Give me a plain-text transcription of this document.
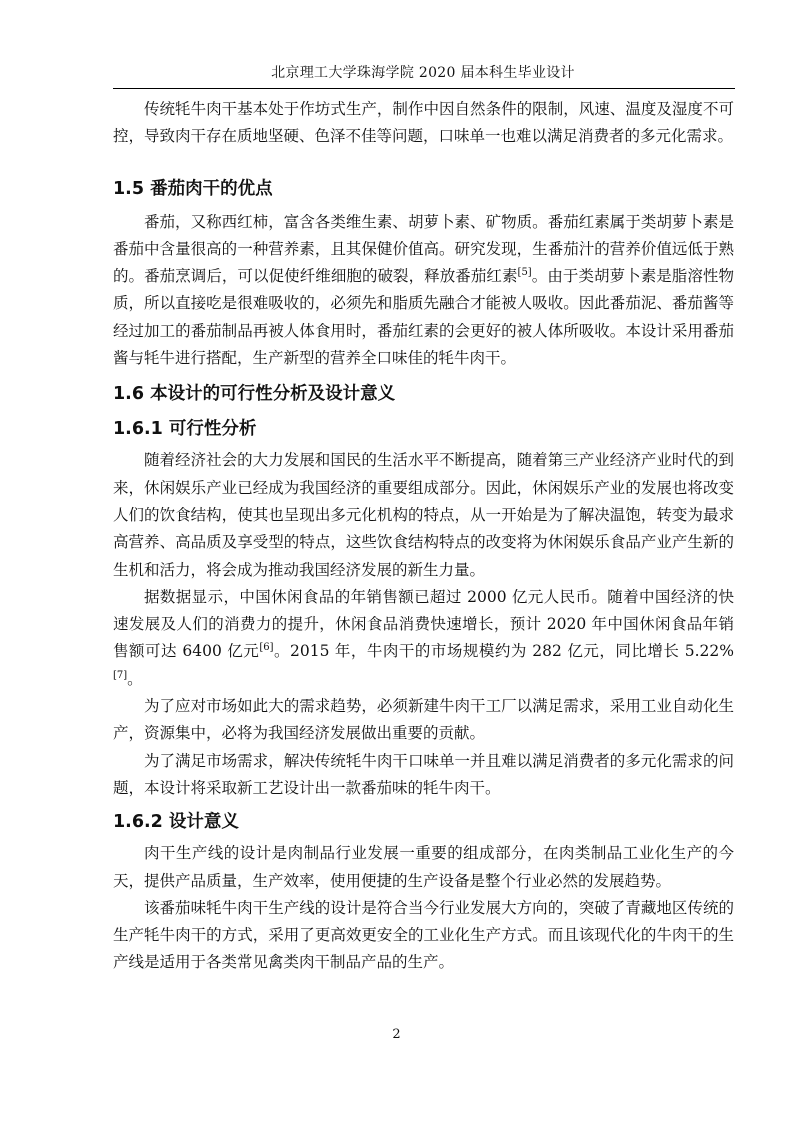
北京理工大学珠海学院 2020 届本科生毕业设计

传统牦牛肉干基本处于作坊式生产，制作中因自然条件的限制，风速、温度及湿度不可控，导致肉干存在质地坚硬、色泽不佳等问题，口味单一也难以满足消费者的多元化需求。

1.5 番茄肉干的优点

番茄，又称西红柿，富含各类维生素、胡萝卜素、矿物质。番茄红素属于类胡萝卜素是番茄中含量很高的一种营养素，且其保健价值高。研究发现，生番茄汁的营养价值远低于熟的。番茄烹调后，可以促使纤维细胞的破裂，释放番茄红素[5]。由于类胡萝卜素是脂溶性物质，所以直接吃是很难吸收的，必须先和脂质先融合才能被人吸收。因此番茄泥、番茄酱等经过加工的番茄制品再被人体食用时，番茄红素的会更好的被人体所吸收。本设计采用番茄酱与牦牛进行搭配，生产新型的营养全口味佳的牦牛肉干。

1.6 本设计的可行性分析及设计意义
1.6.1 可行性分析

随着经济社会的大力发展和国民的生活水平不断提高，随着第三产业经济产业时代的到来，休闲娱乐产业已经成为我国经济的重要组成部分。因此，休闲娱乐产业的发展也将改变人们的饮食结构，使其也呈现出多元化机构的特点，从一开始是为了解决温饱，转变为最求高营养、高品质及享受型的特点，这些饮食结构特点的改变将为休闲娱乐食品产业产生新的生机和活力，将会成为推动我国经济发展的新生力量。

据数据显示，中国休闲食品的年销售额已超过 2000 亿元人民币。随着中国经济的快速发展及人们的消费力的提升，休闲食品消费快速增长，预计 2020 年中国休闲食品年销售额可达 6400 亿元[6]。2015 年，牛肉干的市场规模约为 282 亿元，同比增长 5.22%[7]。

为了应对市场如此大的需求趋势，必须新建牛肉干工厂以满足需求，采用工业自动化生产，资源集中，必将为我国经济发展做出重要的贡献。

为了满足市场需求，解决传统牦牛肉干口味单一并且难以满足消费者的多元化需求的问题，本设计将采取新工艺设计出一款番茄味的牦牛肉干。

1.6.2 设计意义

肉干生产线的设计是肉制品行业发展一重要的组成部分，在肉类制品工业化生产的今天，提供产品质量，生产效率，使用便捷的生产设备是整个行业必然的发展趋势。

该番茄味牦牛肉干生产线的设计是符合当今行业发展大方向的，突破了青藏地区传统的生产牦牛肉干的方式，采用了更高效更安全的工业化生产方式。而且该现代化的牛肉干的生产线是适用于各类常见禽类肉干制品产品的生产。

2
